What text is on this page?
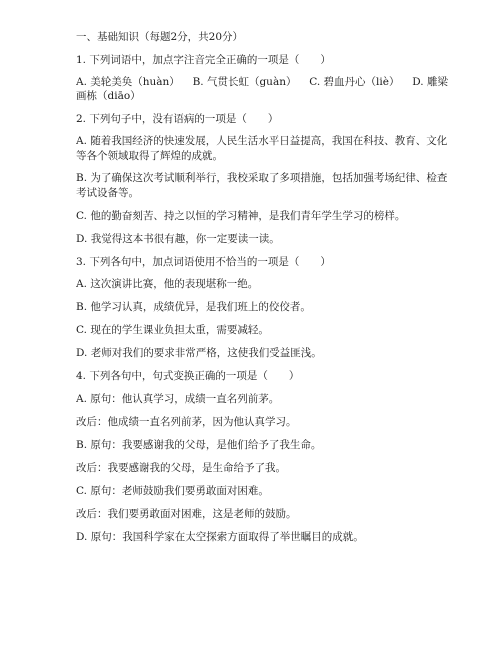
一、基础知识（每题2分，共20分）
1. 下列词语中，加点字注音完全正确的一项是（　　）
A. 美轮美奂（huàn） B. 气贯长虹（guàn） C. 碧血丹心（liè） D. 雕梁
画栋（diāo）
2. 下列句子中，没有语病的一项是（　　）
A. 随着我国经济的快速发展，人民生活水平日益提高，我国在科技、教育、文化
等各个领域取得了辉煌的成就。
B. 为了确保这次考试顺利举行，我校采取了多项措施，包括加强考场纪律、检查
考试设备等。
C. 他的勤奋刻苦、持之以恒的学习精神，是我们青年学生学习的榜样。
D. 我觉得这本书很有趣，你一定要读一读。
3. 下列各句中，加点词语使用不恰当的一项是（　　）
A. 这次演讲比赛，他的表现堪称一绝。
B. 他学习认真，成绩优异，是我们班上的佼佼者。
C. 现在的学生课业负担太重，需要减轻。
D. 老师对我们的要求非常严格，这使我们受益匪浅。
4. 下列各句中，句式变换正确的一项是（　　）
A. 原句：他认真学习，成绩一直名列前茅。
改后：他成绩一直名列前茅，因为他认真学习。
B. 原句：我要感谢我的父母，是他们给予了我生命。
改后：我要感谢我的父母，是生命给予了我。
C. 原句：老师鼓励我们要勇敢面对困难。
改后：我们要勇敢面对困难，这是老师的鼓励。
D. 原句：我国科学家在太空探索方面取得了举世瞩目的成就。
